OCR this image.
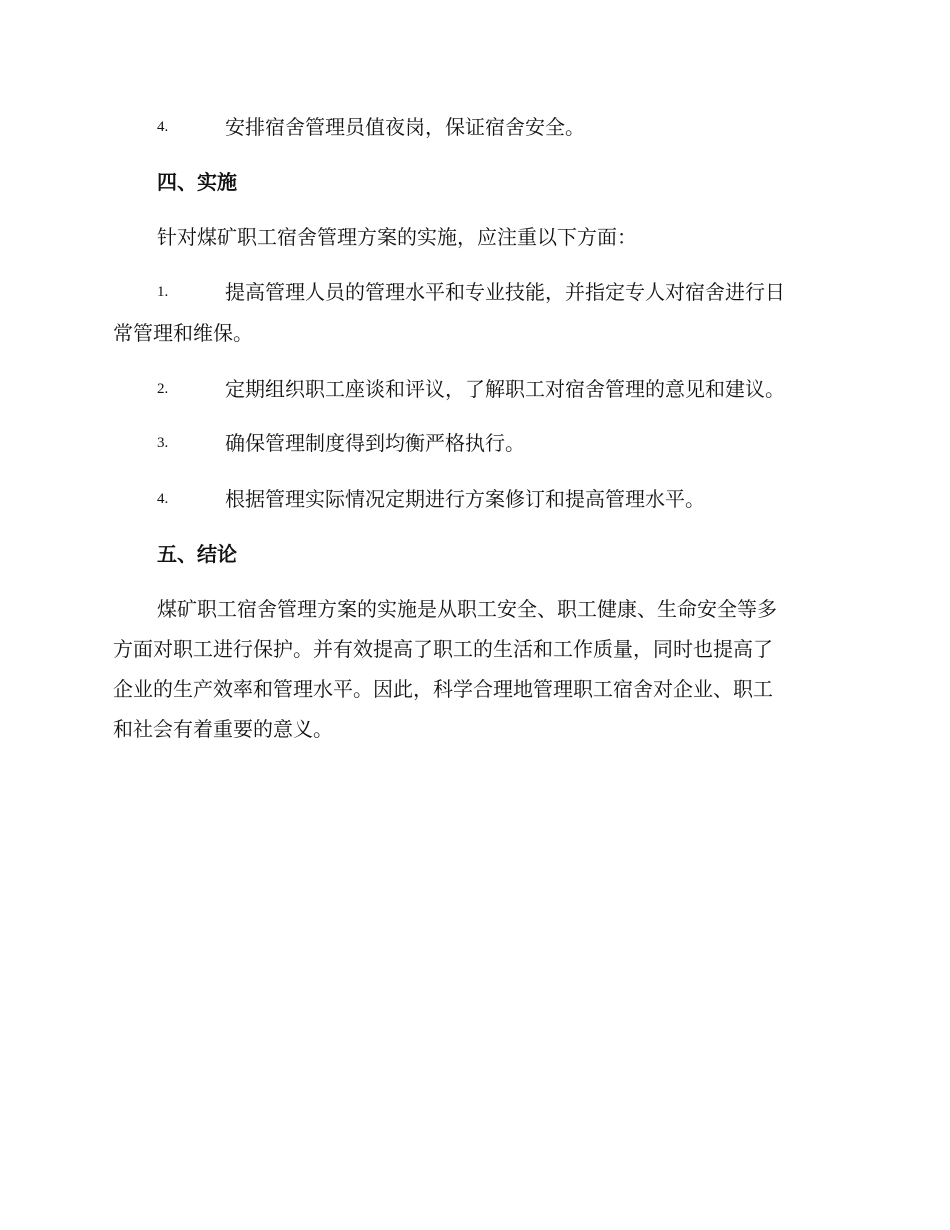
4.	安排宿舍管理员值夜岗，保证宿舍安全。
四、实施
针对煤矿职工宿舍管理方案的实施，应注重以下方面：
1.	提高管理人员的管理水平和专业技能，并指定专人对宿舍进行日
常管理和维保。
2.	定期组织职工座谈和评议，了解职工对宿舍管理的意见和建议。
3.	确保管理制度得到均衡严格执行。
4.	根据管理实际情况定期进行方案修订和提高管理水平。
五、结论
煤矿职工宿舍管理方案的实施是从职工安全、职工健康、生命安全等多
方面对职工进行保护。并有效提高了职工的生活和工作质量，同时也提高了
企业的生产效率和管理水平。因此，科学合理地管理职工宿舍对企业、职工
和社会有着重要的意义。
